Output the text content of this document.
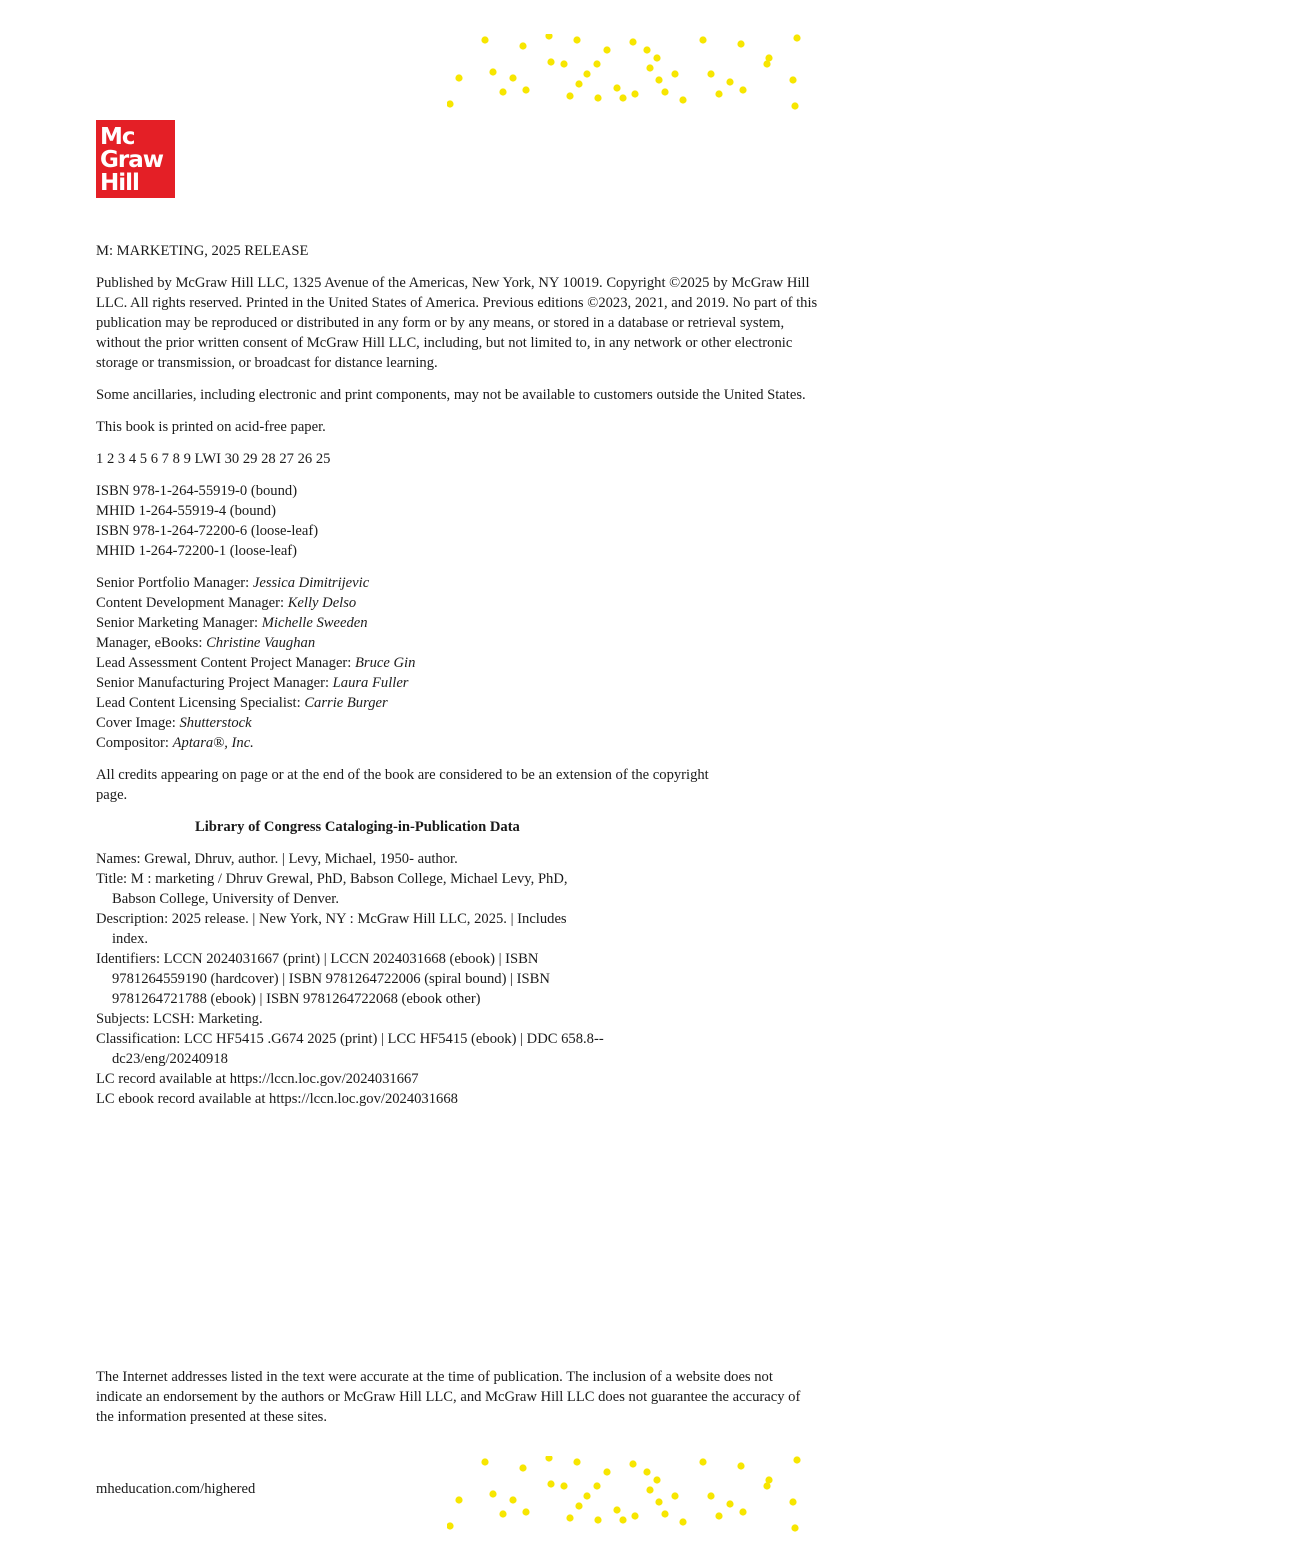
Mc
Graw
Hill

M: MARKETING, 2025 RELEASE

Published by McGraw Hill LLC, 1325 Avenue of the Americas, New York, NY 10019. Copyright ©2025 by McGraw Hill LLC. All rights reserved. Printed in the United States of America. Previous editions ©2023, 2021, and 2019. No part of this publication may be reproduced or distributed in any form or by any means, or stored in a database or retrieval system, without the prior written consent of McGraw Hill LLC, including, but not limited to, in any network or other electronic storage or transmission, or broadcast for distance learning.

Some ancillaries, including electronic and print components, may not be available to customers outside the United States.

This book is printed on acid-free paper.

1 2 3 4 5 6 7 8 9 LWI 30 29 28 27 26 25

ISBN 978-1-264-55919-0 (bound)
MHID 1-264-55919-4 (bound)
ISBN 978-1-264-72200-6 (loose-leaf)
MHID 1-264-72200-1 (loose-leaf)

Senior Portfolio Manager: Jessica Dimitrijevic
Content Development Manager: Kelly Delso
Senior Marketing Manager: Michelle Sweeden
Manager, eBooks: Christine Vaughan
Lead Assessment Content Project Manager: Bruce Gin
Senior Manufacturing Project Manager: Laura Fuller
Lead Content Licensing Specialist: Carrie Burger
Cover Image: Shutterstock
Compositor: Aptara®, Inc.

All credits appearing on page or at the end of the book are considered to be an extension of the copyright page.

Library of Congress Cataloging-in-Publication Data

Names: Grewal, Dhruv, author. | Levy, Michael, 1950- author.
Title: M : marketing / Dhruv Grewal, PhD, Babson College, Michael Levy, PhD, Babson College, University of Denver.
Description: 2025 release. | New York, NY : McGraw Hill LLC, 2025. | Includes index.
Identifiers: LCCN 2024031667 (print) | LCCN 2024031668 (ebook) | ISBN 9781264559190 (hardcover) | ISBN 9781264722006 (spiral bound) | ISBN 9781264721788 (ebook) | ISBN 9781264722068 (ebook other)
Subjects: LCSH: Marketing.
Classification: LCC HF5415 .G674 2025 (print) | LCC HF5415 (ebook) | DDC 658.8--dc23/eng/20240918
LC record available at https://lccn.loc.gov/2024031667
LC ebook record available at https://lccn.loc.gov/2024031668

The Internet addresses listed in the text were accurate at the time of publication. The inclusion of a website does not indicate an endorsement by the authors or McGraw Hill LLC, and McGraw Hill LLC does not guarantee the accuracy of the information presented at these sites.

mheducation.com/highered
